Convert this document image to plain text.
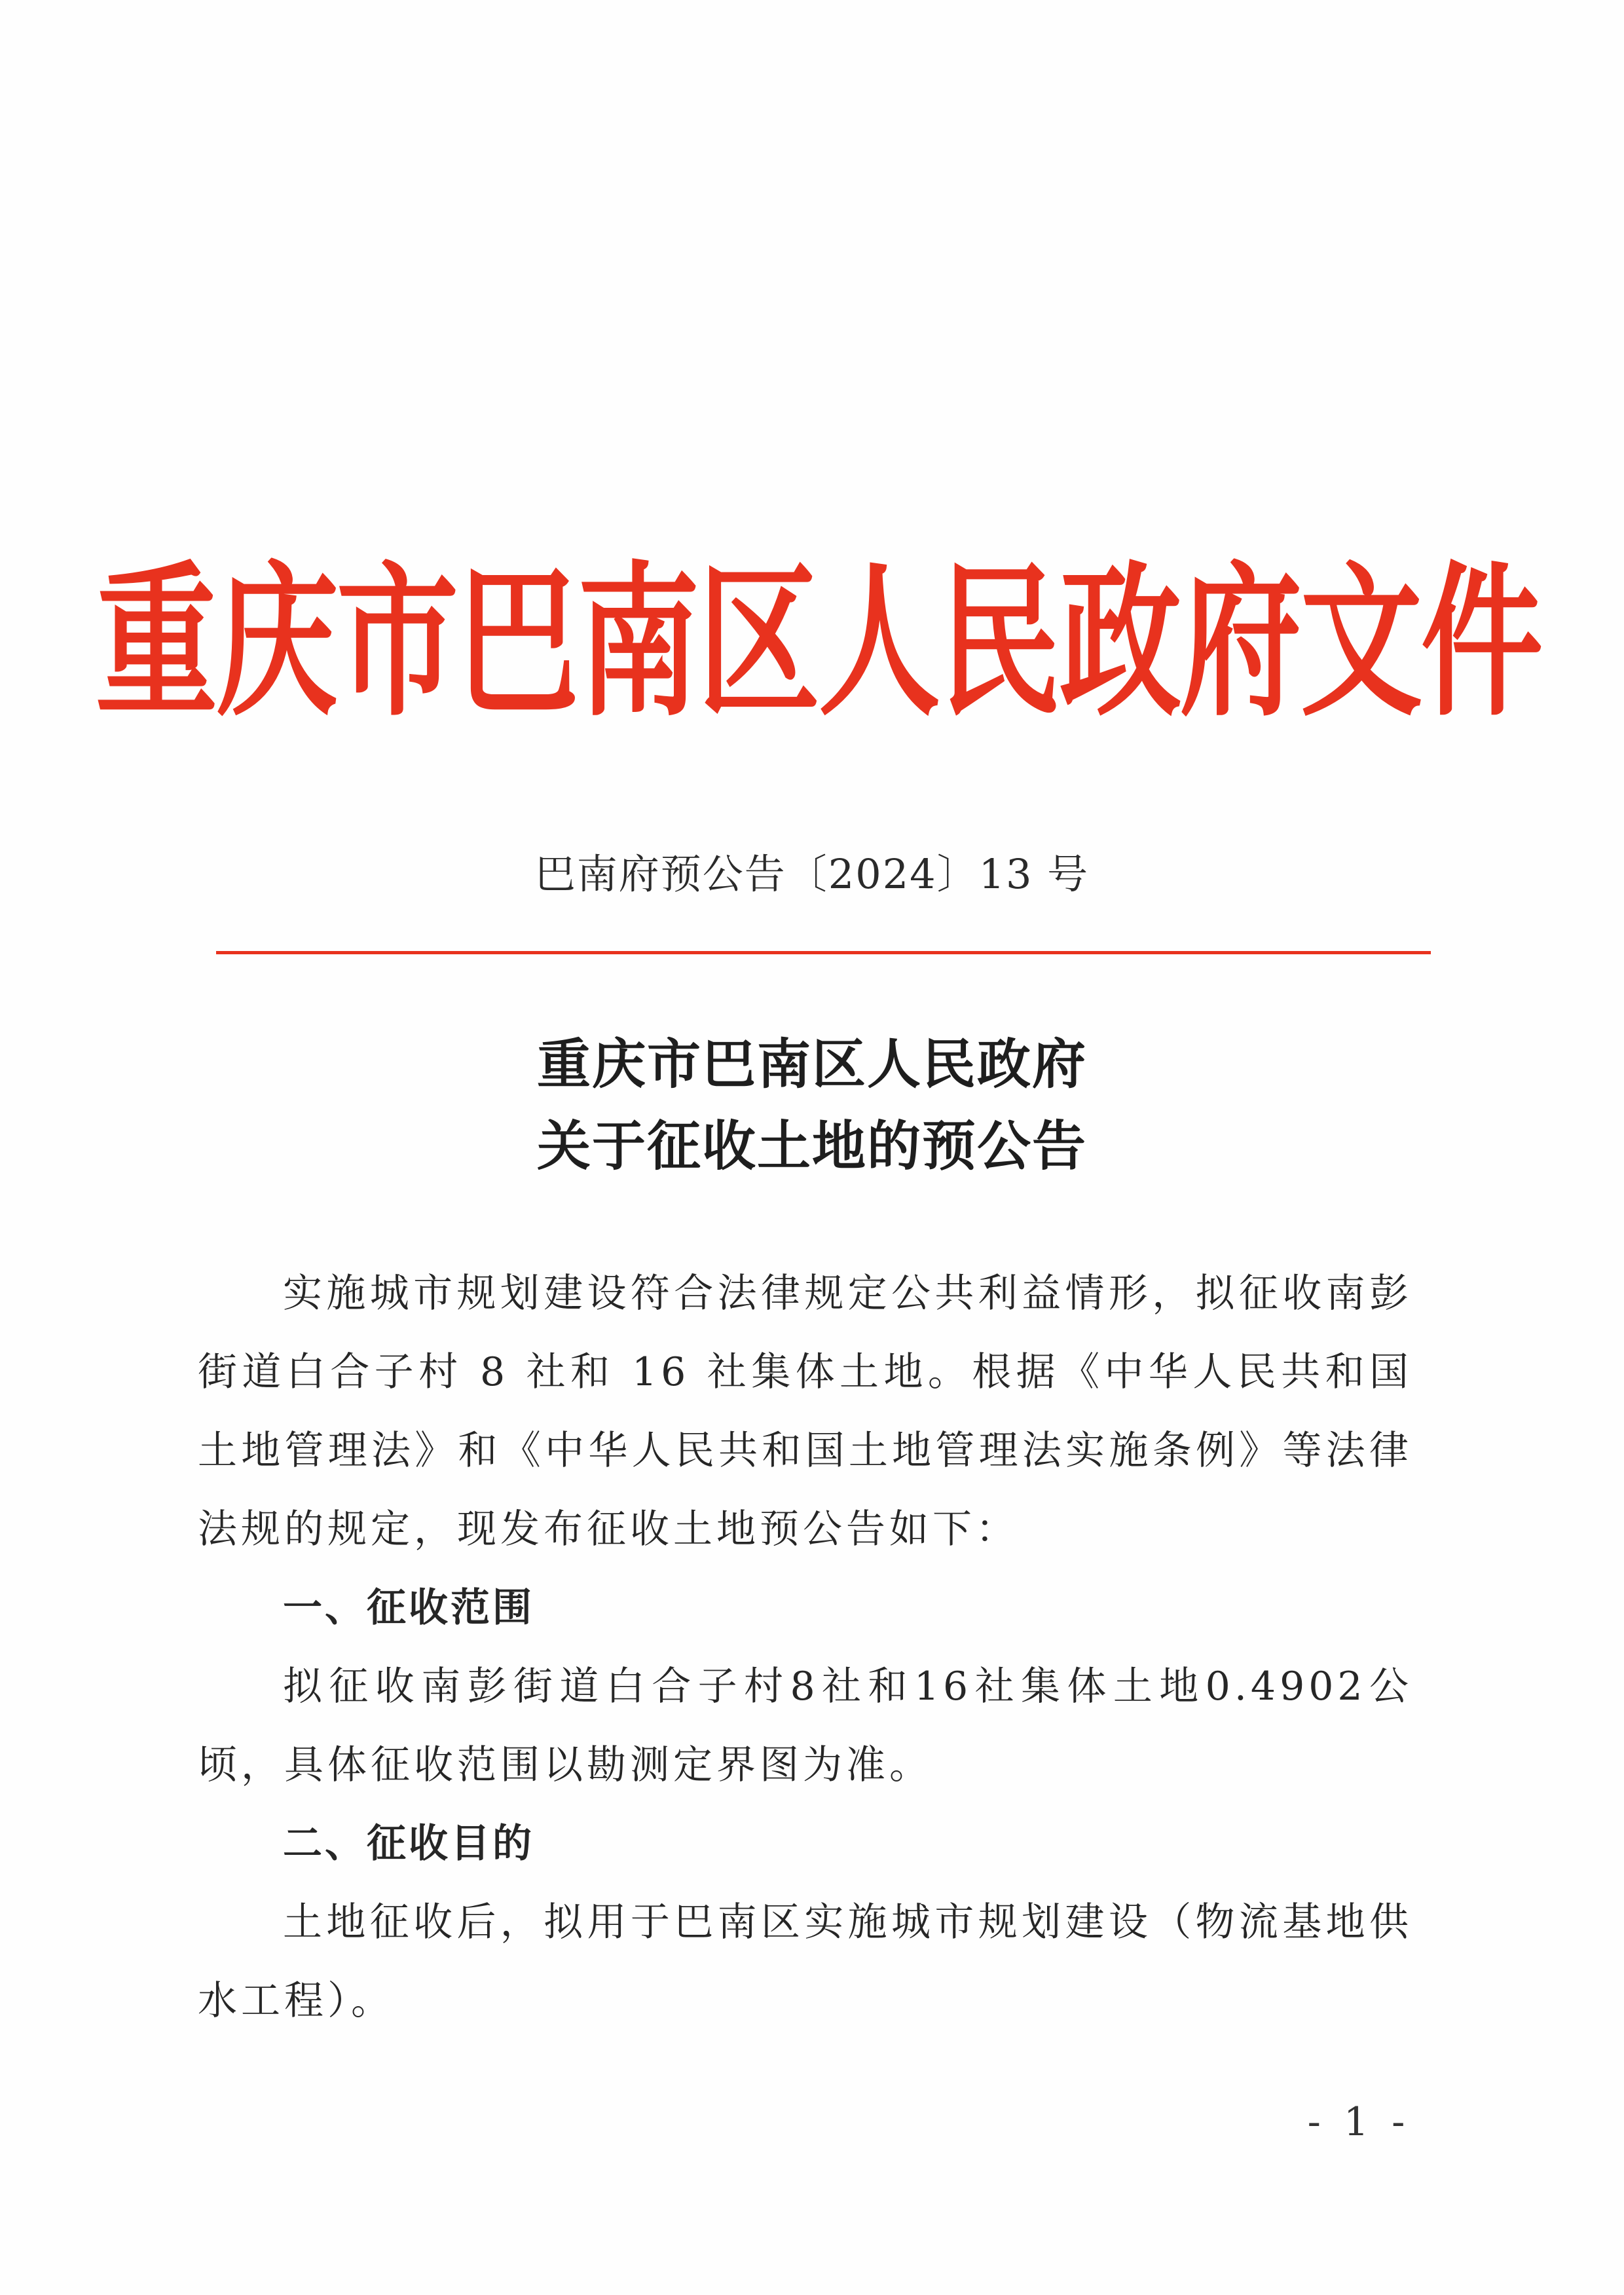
重庆市巴南区人民政府文件
巴南府预公告〔2024〕13 号
重庆市巴南区人民政府
关于征收土地的预公告

实施城市规划建设符合法律规定公共利益情形，拟征收南彭街道白合子村 8 社和 16 社集体土地。根据《中华人民共和国土地管理法》和《中华人民共和国土地管理法实施条例》等法律法规的规定，现发布征收土地预公告如下：

一、征收范围

拟征收南彭街道白合子村8社和16社集体土地0.4902公顷，具体征收范围以勘测定界图为准。

二、征收目的

土地征收后，拟用于巴南区实施城市规划建设（物流基地供水工程）。

- 1 -
